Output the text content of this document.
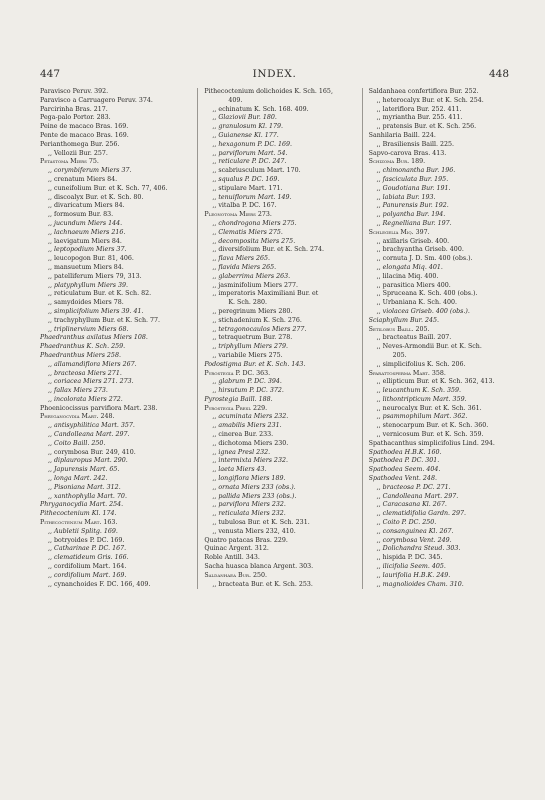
447	INDEX.	448
Paravisco Peruv. 392.
Paravisco a Carruagero Peruv. 374.
Parcirinha Bras. 217.
Pega-palo Portor. 283.
Peine de macaco Bras. 169.
Pente de macaco Bras. 169.
Perianthomega Bur. 256.
,, Vellozii Bur. 257.
Petastoma Miers 75.
,, corymbiferum Miers 37.
,, crenatum Miers 84.
,, cuneifolium Bur. et K. Sch. 77, 406.
,, discoalyx Bur. et K. Sch. 80.
,, divaricatum Miers 84.
,, formosum Bur. 83.
,, jucundum Miers 144.
,, lachnaeum Miers 216.
,, laevigatum Miers 84.
,, leptopodium Miers 37.
,, leucopogon Bur. 81, 406.
,, mansuetum Miers 84.
,, patelliferum Miers 79, 313.
,, platyphyllum Miers 39.
,, reticulatum Bur. et K. Sch. 82.
,, samydoides Miers 78.
,, simplicifolium Miers 39. 41.
,, trachyphyllum Bur. et K. Sch. 77.
,, triplinervium Miers 68.
Phaedranthus axilatus Miers 108.
Phaedranthus K. Sch. 259.
Phaedranthus Miers 258.
,, allamandiflora Miers 267.
,, bracteosa Miers 271.
,, coriacea Miers 271. 273.
,, fallax Miers 273.
,, incolorata Miers 272.
Phoenicocissus parvifiora Mart. 238.
Phryganocydia Mart. 248.
,, antisyphilitica Mart. 357.
,, Candolleana Mart. 297.
,, Coito Baill. 250.
,, corymbosa Bur. 249, 410.
,, diplauropus Mart. 290.
,, Japurensis Mart. 65.
,, longa Mart. 242.
,, Pisoniana Mart. 312.
,, xanthophylla Mart. 70.
Phryganocydia Mart. 254.
Pithecoctenium Kl. 174.
Pithecoctenium Mart. 163.
,, Aubletii Splitg. 169.
,, botryoides P. DC. 169.
,, Catharinae P. DC. 167.
,, clematideum Gris. 166.
,, cordifolium Mart. 164.
,, cordifolium Mart. 169.
,, cynanchoides F. DC. 166, 409.
Pithecoctenium dolichoides K. Sch. 165,
409.
,, echinatum K. Sch. 168. 409.
,, Glaziovii Bur. 180.
,, granulosum Kl. 179.
,, Guianense Kl. 177.
,, hexagonum P. DC. 169.
,, parviflorum Mart. 54.
,, reticulare P. DC. 247.
,, scabriusculum Mart. 170.
,, squalus P. DC. 169.
,, stipulare Mart. 171.
,, tenuiflorum Mart. 149.
,, vitalba P. DC. 167.
Pleonotoma Miers 273.
,, chondrogona Miers 275.
,, Clematis Miers 275.
,, decomposita Miers 275.
,, diversifolium Bur. et K. Sch. 274.
,, flava Miers 265.
,, flavida Miers 265.
,, glaberrima Miers 263.
,, jasminifolium Miers 277.
,, imperatoris Maximiliani Bur. et
K. Sch. 280.
,, peregrinum Miers 280.
,, stichadenium K. Sch. 276.
,, tetragonocaulos Miers 277.
,, tetraquetrum Bur. 278.
,, triphyllum Miers 279.
,, variabile Miers 275.
Podostigma Bur. et K. Sch. 143.
Pyrostegia P. DC. 363.
,, glabrum P. DC. 394.
,, hirsutum P. DC. 372.
Pyrostegia Baill. 188.
Pyrostegia Presl 229.
,, acuminata Miers 232.
,, amabilis Miers 231.
,, cinerea Bur. 233.
,, dichotoma Miers 230.
,, ignea Presl 232.
,, intermixta Miers 232.
,, laeta Miers 43.
,, longiflora Miers 189.
,, ornata Miers 233 (obs.).
,, pallida Miers 233 (obs.).
,, parviflora Miers 232.
,, reticulata Miers 232.
,, tubulosa Bur. et K. Sch. 231.
,, venusta Miers 232, 410.
Quatro patacas Bras. 229.
Quinac Argent. 312.
Roble Antill. 343.
Sacha huasca blanca Argent. 303.
Saldanhaea Bur. 250.
,, bracteata Bur. et K. Sch. 253.
Saldanhaea confertiflora Bur. 252.
,, heterocalyx Bur. et K. Sch. 254.
,, lateriflora Bur. 252. 411.
,, myriantha Bur. 255. 411.
,, pratensis Bur. et K. Sch. 256.
Sanhilaria Baill. 224.
,, Brasiliensis Baill. 225.
Sapvo-carova Bras. 413.
Schizoma Bur. 189.
,, chimonantha Bur. 196.
,, fasciculata Bur. 195.
,, Goudotiana Bur. 191.
,, labiata Bur. 193.
,, Panurensis Bur. 192.
,, polyantha Bur. 194.
,, Regnelliana Bur. 197.
Schlegelia Miq. 397.
,, axillaris Griseb. 400.
,, brachyantha Griseb. 400.
,, cornuta J. D. Sm. 400 (obs.).
,, elongata Miq. 401.
,, lilacina Miq. 400.
,, parasitica Miers 400.
,, Spruceana K. Sch. 400 (obs.).
,, Urbaniana K. Sch. 400.
,, violacea Griseb. 400 (obs.).
Sciaphyllum Bur. 245.
Setilobus Baill. 205.
,, bracteatus Baill. 207.
,, Neves-Armondii Bur. et K. Sch.
205.
,, simplicifolius K. Sch. 206.
Sparattosperma Mart. 358.
,, ellipticum Bur. et K. Sch. 362, 413.
,, leucanthum K. Sch. 359.
,, lithontripticum Mart. 359.
,, neurocalyx Bur. et K. Sch. 361.
,, psammophilum Mart. 362.
,, stenocarpum Bur. et K. Sch. 360.
,, vernicosum Bur. et K. Sch. 359.
Spathacanthus simplicifolius Lind. 294.
Spathodea H.B.K. 160.
Spathodea P. DC. 301.
Spathodea Seem. 404.
Spathodea Vent. 248.
,, bracteosa P. DC. 271.
,, Candolleana Mart. 297.
,, Caracasana Kl. 267.
,, clematidifolia Gardn. 297.
,, Coito P. DC. 250.
,, consanguinea Kl. 267.
,, corymbosa Vent. 249.
,, Dolichandra Steud. 303.
,, hispida P. DC. 345.
,, ilicifolia Seem. 405.
,, laurifolia H.B.K. 249.
,, magnolioides Cham. 310.
